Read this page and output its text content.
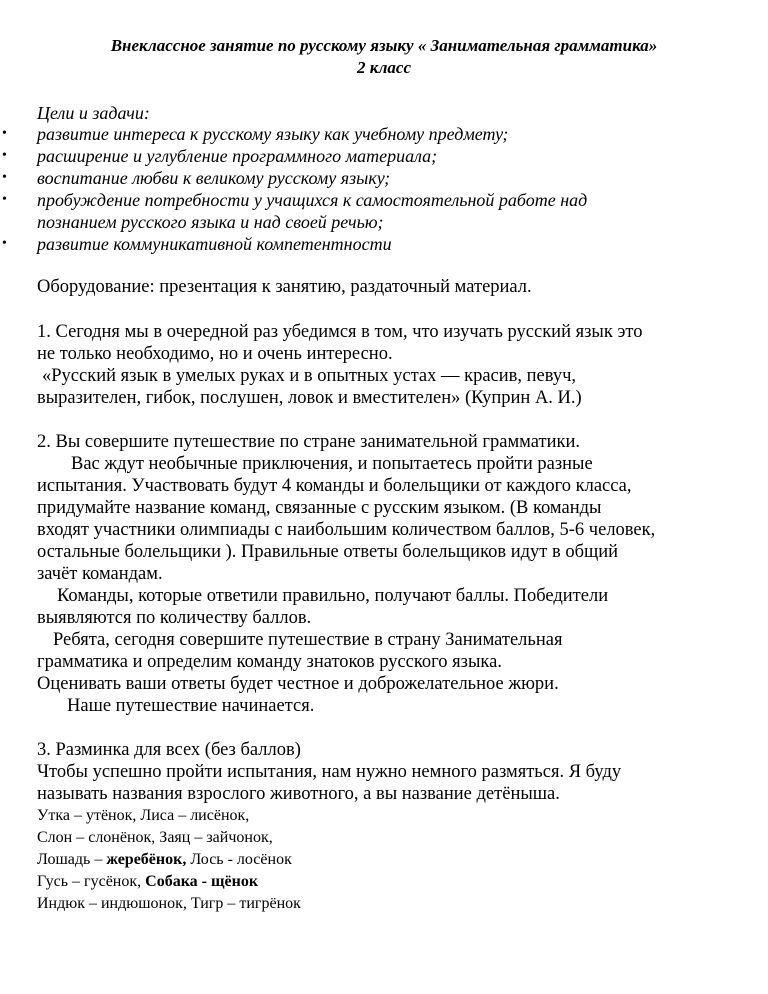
Внеклассное занятие по русскому языку « Занимательная грамматика»
2 класс
Цели и задачи:
• развитие интереса к русскому языку как учебному предмету;
• расширение и углубление программного материала;
• воспитание любви к великому русскому языку;
• пробуждение потребности у учащихся к самостоятельной работе над
познанием русского языка и над своей речью;
• развитие коммуникативной компетентности
Оборудование: презентация к занятию, раздаточный материал.
1. Сегодня мы в очередной раз убедимся в том, что изучать русский язык это
не только необходимо, но и очень интересно.
«Русский язык в умелых руках и в опытных устах — красив, певуч,
выразителен, гибок, послушен, ловок и вместителен» (Куприн А. И.)
2. Вы совершите путешествие по стране занимательной грамматики.
Вас ждут необычные приключения, и попытаетесь пройти разные
испытания. Участвовать будут 4 команды и болельщики от каждого класса,
придумайте название команд, связанные с русским языком. (В команды
входят участники олимпиады с наибольшим количеством баллов, 5-6 человек,
остальные болельщики ). Правильные ответы болельщиков идут в общий
зачёт командам.
Команды, которые ответили правильно, получают баллы. Победители
выявляются по количеству баллов.
Ребята, сегодня совершите путешествие в страну Занимательная
грамматика и определим команду знатоков русского языка.
Оценивать ваши ответы будет честное и доброжелательное жюри.
Наше путешествие начинается.
3. Разминка для всех (без баллов)
Чтобы успешно пройти испытания, нам нужно немного размяться. Я буду
называть названия взрослого животного, а вы название детёныша.
Утка – утёнок, Лиса – лисёнок,
Слон – слонёнок, Заяц – зайчонок,
Лошадь – жеребёнок, Лось - лосёнок
Гусь – гусёнок, Собака - щёнок
Индюк – индюшонок, Тигр – тигрёнок
